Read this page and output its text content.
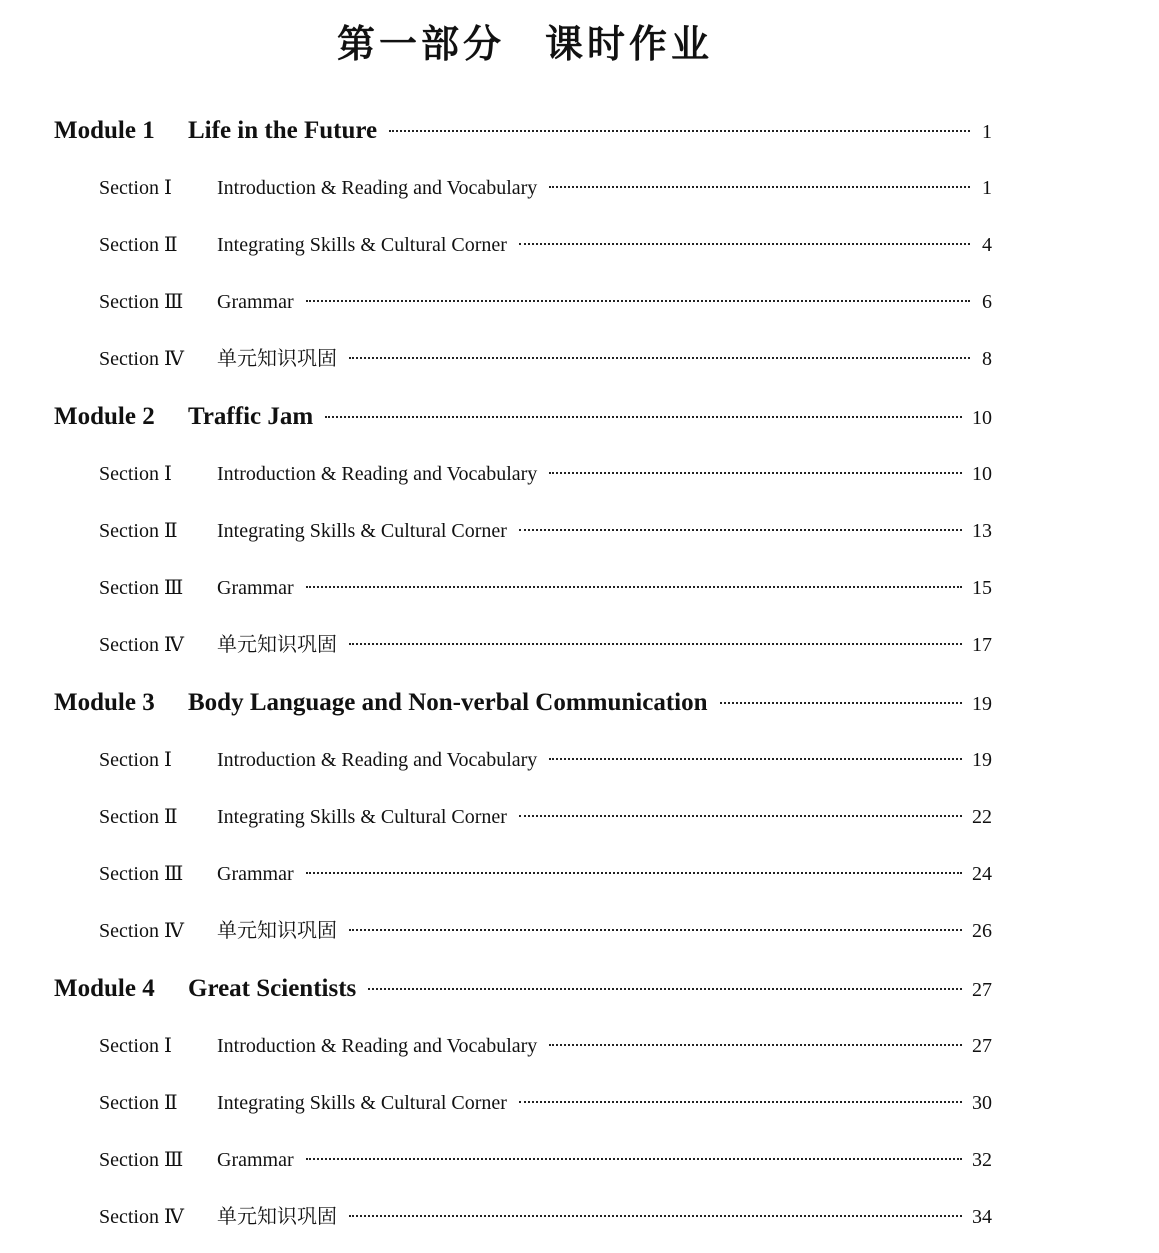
第一部分 课时作业
Module 1	Life in the Future	1
Section Ⅰ	Introduction & Reading and Vocabulary	1
Section Ⅱ	Integrating Skills & Cultural Corner	4
Section Ⅲ	Grammar	6
Section Ⅳ	单元知识巩固	8
Module 2	Traffic Jam	10
Section Ⅰ	Introduction & Reading and Vocabulary	10
Section Ⅱ	Integrating Skills & Cultural Corner	13
Section Ⅲ	Grammar	15
Section Ⅳ	单元知识巩固	17
Module 3	Body Language and Non-verbal Communication	19
Section Ⅰ	Introduction & Reading and Vocabulary	19
Section Ⅱ	Integrating Skills & Cultural Corner	22
Section Ⅲ	Grammar	24
Section Ⅳ	单元知识巩固	26
Module 4	Great Scientists	27
Section Ⅰ	Introduction & Reading and Vocabulary	27
Section Ⅱ	Integrating Skills & Cultural Corner	30
Section Ⅲ	Grammar	32
Section Ⅳ	单元知识巩固	34
